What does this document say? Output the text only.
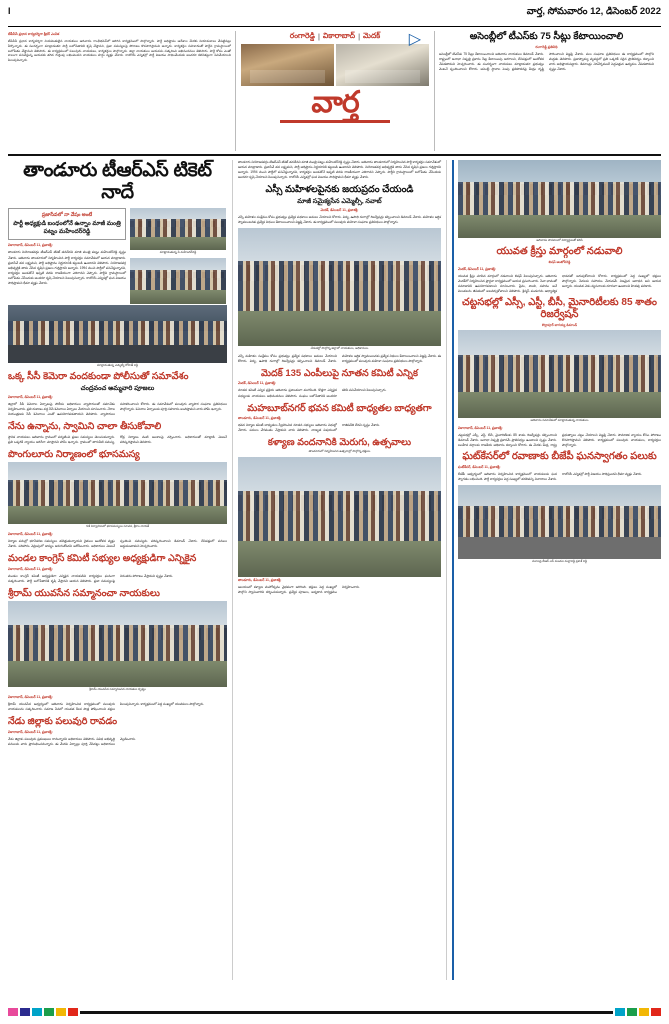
I	వార్త, సోమవారం 12, డిసెంబర్ 2022
టీపీసీసీ ప్రధాన కార్యదర్శిగా శ్రీధర్ ఎంపిక
టీపీసీసీ ప్రధాన కార్యదర్శిగా నియమితులైన నాయకులు ఆదివారం గాంధీభవన్‌లో జరిగిన కార్యక్రమంలో పాల్గొన్నారు. పార్టీ అధిష్టానం ఆదేశాల మేరకు నియామకాలు చేపట్టినట్లు పేర్కొన్నారు. ఈ సందర్భంగా మాట్లాడుతూ పార్టీ బలోపేతానికి కృషి చేస్తానని, ప్రజా సమస్యలపై పోరాటం కొనసాగిస్తామని అన్నారు. కార్యకర్తల సహకారంతో పార్టీని గ్రామస్థాయిలో బలోపేతం చేస్తామని తెలిపారు. ఈ కార్యక్రమంలో పలువురు నాయకులు, కార్యకర్తలు పాల్గొన్నారు. జిల్లా నాయకులు ఆయనను సత్కరించి అభినందనలు తెలిపారు. పార్టీ కోసం ఎంతో కాలంగా పనిచేస్తున్న ఆయనకు తగిన గుర్తింపు లభించిందని నాయకులు హర్షం వ్యక్తం చేశారు. రాబోయే ఎన్నికల్లో పార్టీ విజయం సాధించేందుకు అందరూ కలిసికట్టుగా పనిచేయాలని పిలుపునిచ్చారు.
రంగారెడ్డి | వికారాబాద్ | మెదక్ ▷
వార్త
అసెంబ్లీలో టీఎస్‌కు 75 సీట్లు కేటాయించాలి
రంగారెడ్డి ప్రతినిధి
అసెంబ్లీలో టీఎస్‌కు 75 సీట్లు కేటాయించాలని ఆదివారం నాయకులు డిమాండ్ చేశారు. రాష్ట్రంలో జనాభా నిష్పత్తి ప్రకారం సీట్ల కేటాయింపు జరగాలని, లేనిపక్షంలో ఆందోళన చేపడతామని హెచ్చరించారు. ఈ సందర్భంగా నాయకులు మాట్లాడుతూ ప్రభుత్వం వెంటనే స్పందించాలని కోరారు. అసెంబ్లీ స్థానాల పెంపు ప్రతిపాదనపై కేంద్రం దృష్టి సారించాలని విజ్ఞప్తి చేశారు. పలు సంఘాల ప్రతినిధులు ఈ కార్యక్రమంలో పాల్గొని మద్దతు తెలిపారు. ప్రజాస్వామ్య వ్యవస్థలో ప్రతి ఒక్కరికీ సరైన ప్రాతినిధ్యం దక్కాలని వారు అభిప్రాయపడ్డారు. డిమాండ్లు నెరవేర్చకుంటే పెద్దఎత్తున ఉద్యమం చేపడతామని స్పష్టం చేశారు.
తాండూరు టీఆర్‌ఎస్ టికెట్ నాదే
ప్రజాసేవలో నా వేషం అంటే
పార్టీ అధ్యక్షుడి బంధంలోనే ఉన్నాం మాజీ మంత్రి పట్నం మహేందర్‌రెడ్డి
వికారాబాద్, డిసెంబర్ 11, ప్రజాశక్తి:
తాండూరు నియోజకవర్గం టీఆర్‌ఎస్ టికెట్ తనదేనని మాజీ మంత్రి పట్నం మహేందర్‌రెడ్డి స్పష్టం చేశారు. ఆదివారం తాండూరులో నిర్వహించిన పార్టీ కార్యకర్తల సమావేశంలో ఆయన మాట్లాడారు. ప్రజాసేవే తన లక్ష్యమని, పార్టీ అధిష్టానం నిర్ణయానికి కట్టుబడి ఉంటానని తెలిపారు. నియోజకవర్గ అభివృద్ధికి తాను చేసిన కృషిని ప్రజలు గుర్తిస్తారని అన్నారు. 1994 నుంచి పార్టీలో పనిచేస్తున్నానని, కార్యకర్తల అండతోనే ఇప్పటి వరకు రాజకీయంగా ఎదిగానని చెప్పారు. పార్టీని గ్రామస్థాయిలో బలోపేతం చేసేందుకు అందరూ కృషి చేయాలని పిలుపునిచ్చారు. రాబోయే ఎన్నికల్లో ఘన విజయం సాధిస్తామని ధీమా వ్యక్తం చేశారు.
మాట్లాడుతున్న పి.మహేందర్‌రెడ్డి
మాట్లాడుతున్న ఎమ్మెల్యే రోహిత్ రెడ్డి
ఒక్క సీసీ కెమెరా వందకుండా పోలీసుతో సమావేశం
చంద్రవంచ అమ్మవారి పూజలు
వికారాబాద్, డిసెంబర్ 11, ప్రజాశక్తి:
జిల్లాలో సీసీ కెమెరాల ఏర్పాటుపై పోలీసు అధికారులు వ్యాపారులతో సమావేశం నిర్వహించారు. ప్రతి దుకాణం వద్ద సీసీ కెమెరాలు ఏర్పాటు చేయాలని సూచించారు. నేరాల నియంత్రణకు సీసీ కెమెరాలు ఎంతో ఉపయోగపడతాయని తెలిపారు. వ్యాపారులు సహకరించాలని కోరారు. ఈ సమావేశంలో పలువురు వ్యాపార సంఘాల ప్రతినిధులు పాల్గొన్నారు. కెమెరాల ఏర్పాటుకు పూర్తి సహకారం అందిస్తామని వారు హామీ ఇచ్చారు.
నేను ఉన్నాను, స్వామిని చాలా తీసుకోవాలి
స్థానిక నాయకులు ఆదివారం గ్రామంలో పర్యటించి ప్రజల సమస్యలు తెలుసుకున్నారు. ప్రతి ఒక్కరికీ న్యాయం జరిగేలా చూస్తానని హామీ ఇచ్చారు. గ్రామంలో తాగునీటి సమస్య, రోడ్ల నిర్మాణం వంటి అంశాలపై చర్చించారు. అధికారులతో మాట్లాడి వెంటనే పరిష్కరిస్తామని తెలిపారు.
పొంగులూరు నిర్మాణంలో భూసమస్య
గణి నిర్వాహణలో భూసమస్యలు సూచన, శ్రీరాం నాయక్
వికారాబాద్, డిసెంబర్ 11, ప్రజాశక్తి:
నిర్మాణ పనుల్లో భూసేకరణ సమస్యలు తలెత్తుతున్నాయని రైతులు ఆందోళన వ్యక్తం చేశారు. పరిహారం చెల్లింపులో జాప్యం జరుగుతోందని ఆరోపించారు. అధికారులు వెంటనే స్పందించి సమస్యను పరిష్కరించాలని డిమాండ్ చేశారు. లేనిపక్షంలో పనులు అడ్డుకుంటామని హెచ్చరించారు.
మండల కాంగ్రెస్ కమిటీ సభ్యుల అధ్యక్షుడిగా ఎన్నికైన
వికారాబాద్, డిసెంబర్ 11, ప్రజాశక్తి:
మండల కాంగ్రెస్ కమిటీ అధ్యక్షుడిగా ఎన్నికైన నాయకుడిని కార్యకర్తలు ఘనంగా సత్కరించారు. పార్టీ బలోపేతానికి కృషి చేస్తానని ఆయన తెలిపారు. ప్రజా సమస్యలపై నిరంతరం పోరాటం చేస్తామని స్పష్టం చేశారు.
శ్రీరామ్ యువసేన సమ్మానంచా నాయకులు
శ్రీరామ్ యువసేన సమ్మానించిన నాయకుల దృశ్యం
వికారాబాద్, డిసెంబర్ 11, ప్రజాశక్తి:
శ్రీరామ్ యువసేన ఆధ్వర్యంలో ఆదివారం నిర్వహించిన కార్యక్రమంలో పలువురు నాయకులను సత్కరించారు. సమాజ సేవలో యువత కీలక పాత్ర పోషించాలని వక్తలు పిలుపునిచ్చారు. కార్యక్రమంలో పెద్ద సంఖ్యలో యువకులు పాల్గొన్నారు.
నేడు జిల్లాకు పలువురి రావడం
వికారాబాద్, డిసెంబర్ 11, ప్రజాశక్తి:
నేడు జిల్లాకు పలువురు ప్రముఖులు రానున్నారని అధికారులు తెలిపారు. వివిధ అభివృద్ధి పనులను వారు ప్రారంభించనున్నారు. ఈ మేరకు ఏర్పాట్లు పూర్తి చేసినట్లు అధికారులు వెల్లడించారు.
తాండూరు నియోజకవర్గం టీఆర్‌ఎస్ టికెట్ తనదేనని మాజీ మంత్రి పట్నం మహేందర్‌రెడ్డి స్పష్టం చేశారు. ఆదివారం తాండూరులో నిర్వహించిన పార్టీ కార్యకర్తల సమావేశంలో ఆయన మాట్లాడారు. ప్రజాసేవే తన లక్ష్యమని, పార్టీ అధిష్టానం నిర్ణయానికి కట్టుబడి ఉంటానని తెలిపారు. నియోజకవర్గ అభివృద్ధికి తాను చేసిన కృషిని ప్రజలు గుర్తిస్తారని అన్నారు. 1994 నుంచి పార్టీలో పనిచేస్తున్నానని, కార్యకర్తల అండతోనే ఇప్పటి వరకు రాజకీయంగా ఎదిగానని చెప్పారు. పార్టీని గ్రామస్థాయిలో బలోపేతం చేసేందుకు అందరూ కృషి చేయాలని పిలుపునిచ్చారు. రాబోయే ఎన్నికల్లో ఘన విజయం సాధిస్తామని ధీమా వ్యక్తం చేశారు.
ఎస్సీ మహిళలపైనకు జయప్రదం చేయండి
మాజీ సమైక్యసేన ఎమ్మెల్సీ, నవాబ్
మెదక్, డిసెంబర్ 11, ప్రజాశక్తి:
ఎస్సీ మహిళల సంక్షేమం కోసం ప్రభుత్వం ప్రత్యేక పథకాలు అమలు చేయాలని కోరారు. విద్య, ఉపాధి రంగాల్లో రిజర్వేషన్లు కల్పించాలని డిమాండ్ చేశారు. మహిళల ఆర్థిక స్వావలంబనకు ప్రత్యేక నిధులు కేటాయించాలని విజ్ఞప్తి చేశారు. ఈ కార్యక్రమంలో పలువురు మహిళా సంఘాల ప్రతినిధులు పాల్గొన్నారు.
వేడుకల్లో పాల్గొన్న జిల్లాలో నాయకులు, అధికారులు
ఎస్సీ మహిళల సంక్షేమం కోసం ప్రభుత్వం ప్రత్యేక పథకాలు అమలు చేయాలని కోరారు. విద్య, ఉపాధి రంగాల్లో రిజర్వేషన్లు కల్పించాలని డిమాండ్ చేశారు. మహిళల ఆర్థిక స్వావలంబనకు ప్రత్యేక నిధులు కేటాయించాలని విజ్ఞప్తి చేశారు. ఈ కార్యక్రమంలో పలువురు మహిళా సంఘాల ప్రతినిధులు పాల్గొన్నారు.
మెదక్ 135 ఎంపీలుపై నూతన కమిటీ ఎన్నిక
మెదక్, డిసెంబర్ 11, ప్రజాశక్తి:
నూతన కమిటీ ఎన్నిక ప్రక్రియ ఆదివారం ప్రశాంతంగా ముగిసింది. కొత్తగా ఎన్నికైన సభ్యులకు నాయకులు అభినందనలు తెలిపారు. సంఘం బలోపేతానికి అందరూ కలిసి పనిచేయాలని పిలుపునిచ్చారు.
మహబూబ్‌నగర్ భవన కమిటీ బాధ్యతల బాధ్యతగా
తాండూరు, డిసెంబర్ 11, ప్రజాశక్తి:
భవన నిర్మాణ కమిటీ బాధ్యతలు స్వీకరించిన నూతన సభ్యులు ఆదివారం విధుల్లో చేరారు. పనులు వేగవంతం చేస్తామని వారు తెలిపారు. నాణ్యత విషయంలో రాజీపడేది లేదని స్పష్టం చేశారు.
కళ్యాణ వందనానికి మెరుగు, ఉత్సవాలు
తాండూరులో నిర్వహించిన ఉత్సవాల్లో పాల్గొన్న భక్తులు
తాండూరు, డిసెంబర్ 11, ప్రజాశక్తి:
ఆలయంలో కళ్యాణ మహోత్సవం వైభవంగా జరిగింది. భక్తులు పెద్ద సంఖ్యలో పాల్గొని స్వామివారిని దర్శించుకున్నారు. ప్రత్యేక పూజలు, అన్నదాన కార్యక్రమం నిర్వహించారు.
ఆదివారం పాఠశాలలో విద్యార్థులతో కలిసి
యువత క్రీస్తు మార్గంలో నడువాలి
బిషప్ ఆంటోనీరెడ్డి
మెదక్, డిసెంబర్ 11, ప్రజాశక్తి:
యువత క్రీస్తు చూపిన మార్గంలో నడవాలని బిషప్ పిలుపునిచ్చారు. ఆదివారం మెదక్‌లో నిర్వహించిన ప్రార్థనా కార్యక్రమంలో ఆయన ప్రసంగించారు. సేవా భావంతో సమాజానికి ఉపయోగపడాలని సూచించారు. ప్రేమ, శాంతి, సహనం అనే విలువలను జీవితంలో అలవర్చుకోవాలని తెలిపారు. క్రిస్మస్ పండుగను ఆధ్యాత్మిక భావనతో జరుపుకోవాలని కోరారు. కార్యక్రమంలో పెద్ద సంఖ్యలో భక్తులు పాల్గొన్నారు. పేదలకు సహాయం చేయడమే నిజమైన ఆరాధన అని ఆయన అన్నారు. యువత చెడు వ్యసనాలకు దూరంగా ఉండాలని హితవు పలికారు.
చట్టసభల్లో ఎస్సీ, ఎస్టీ, బీసీ, మైనారిటీలకు 85 శాతం రిజర్వేషన్
కొల్లాపూర్ బాగయ్య డిమాండ్
ఆదివారం సమావేశంలో మాట్లాడుతున్న నాయకులు
వికారాబాద్, డిసెంబర్ 11, ప్రజాశక్తి:
చట్టసభల్లో ఎస్సీ, ఎస్టీ, బీసీ, మైనారిటీలకు 85 శాతం రిజర్వేషన్లు కల్పించాలని డిమాండ్ చేశారు. జనాభా నిష్పత్తి ప్రకారమే ప్రాతినిధ్యం ఉండాలని స్పష్టం చేశారు. బలహీన వర్గాలకు రాజకీయ అధికారం దక్కాలని కోరారు. ఈ మేరకు కేంద్ర, రాష్ట్ర ప్రభుత్వాలు చట్టం చేయాలని విజ్ఞప్తి చేశారు. సామాజిక న్యాయం కోసం పోరాటం కొనసాగిస్తామని తెలిపారు. కార్యక్రమంలో పలువురు నాయకులు, కార్యకర్తలు పాల్గొన్నారు.
ఘట్‌కేసర్‌లో రవాణాకు బీజేపీ ఘనస్వాగతం పలుకు
ఘట్‌కేసర్, డిసెంబర్ 11, ప్రజాశక్తి:
బీజేపీ ఆధ్వర్యంలో ఆదివారం నిర్వహించిన కార్యక్రమంలో నాయకులకు ఘన స్వాగతం లభించింది. పార్టీ కార్యకర్తలు పెద్ద సంఖ్యలో తరలివచ్చి నినాదాలు చేశారు. రాబోయే ఎన్నికల్లో పార్టీ విజయం సాధిస్తుందని ధీమా వ్యక్తం చేశారు.
మూలపై బీఆర్ ఎస్ మండల మల్లారెడ్డి ప్రకాశ్ రెడ్డి
